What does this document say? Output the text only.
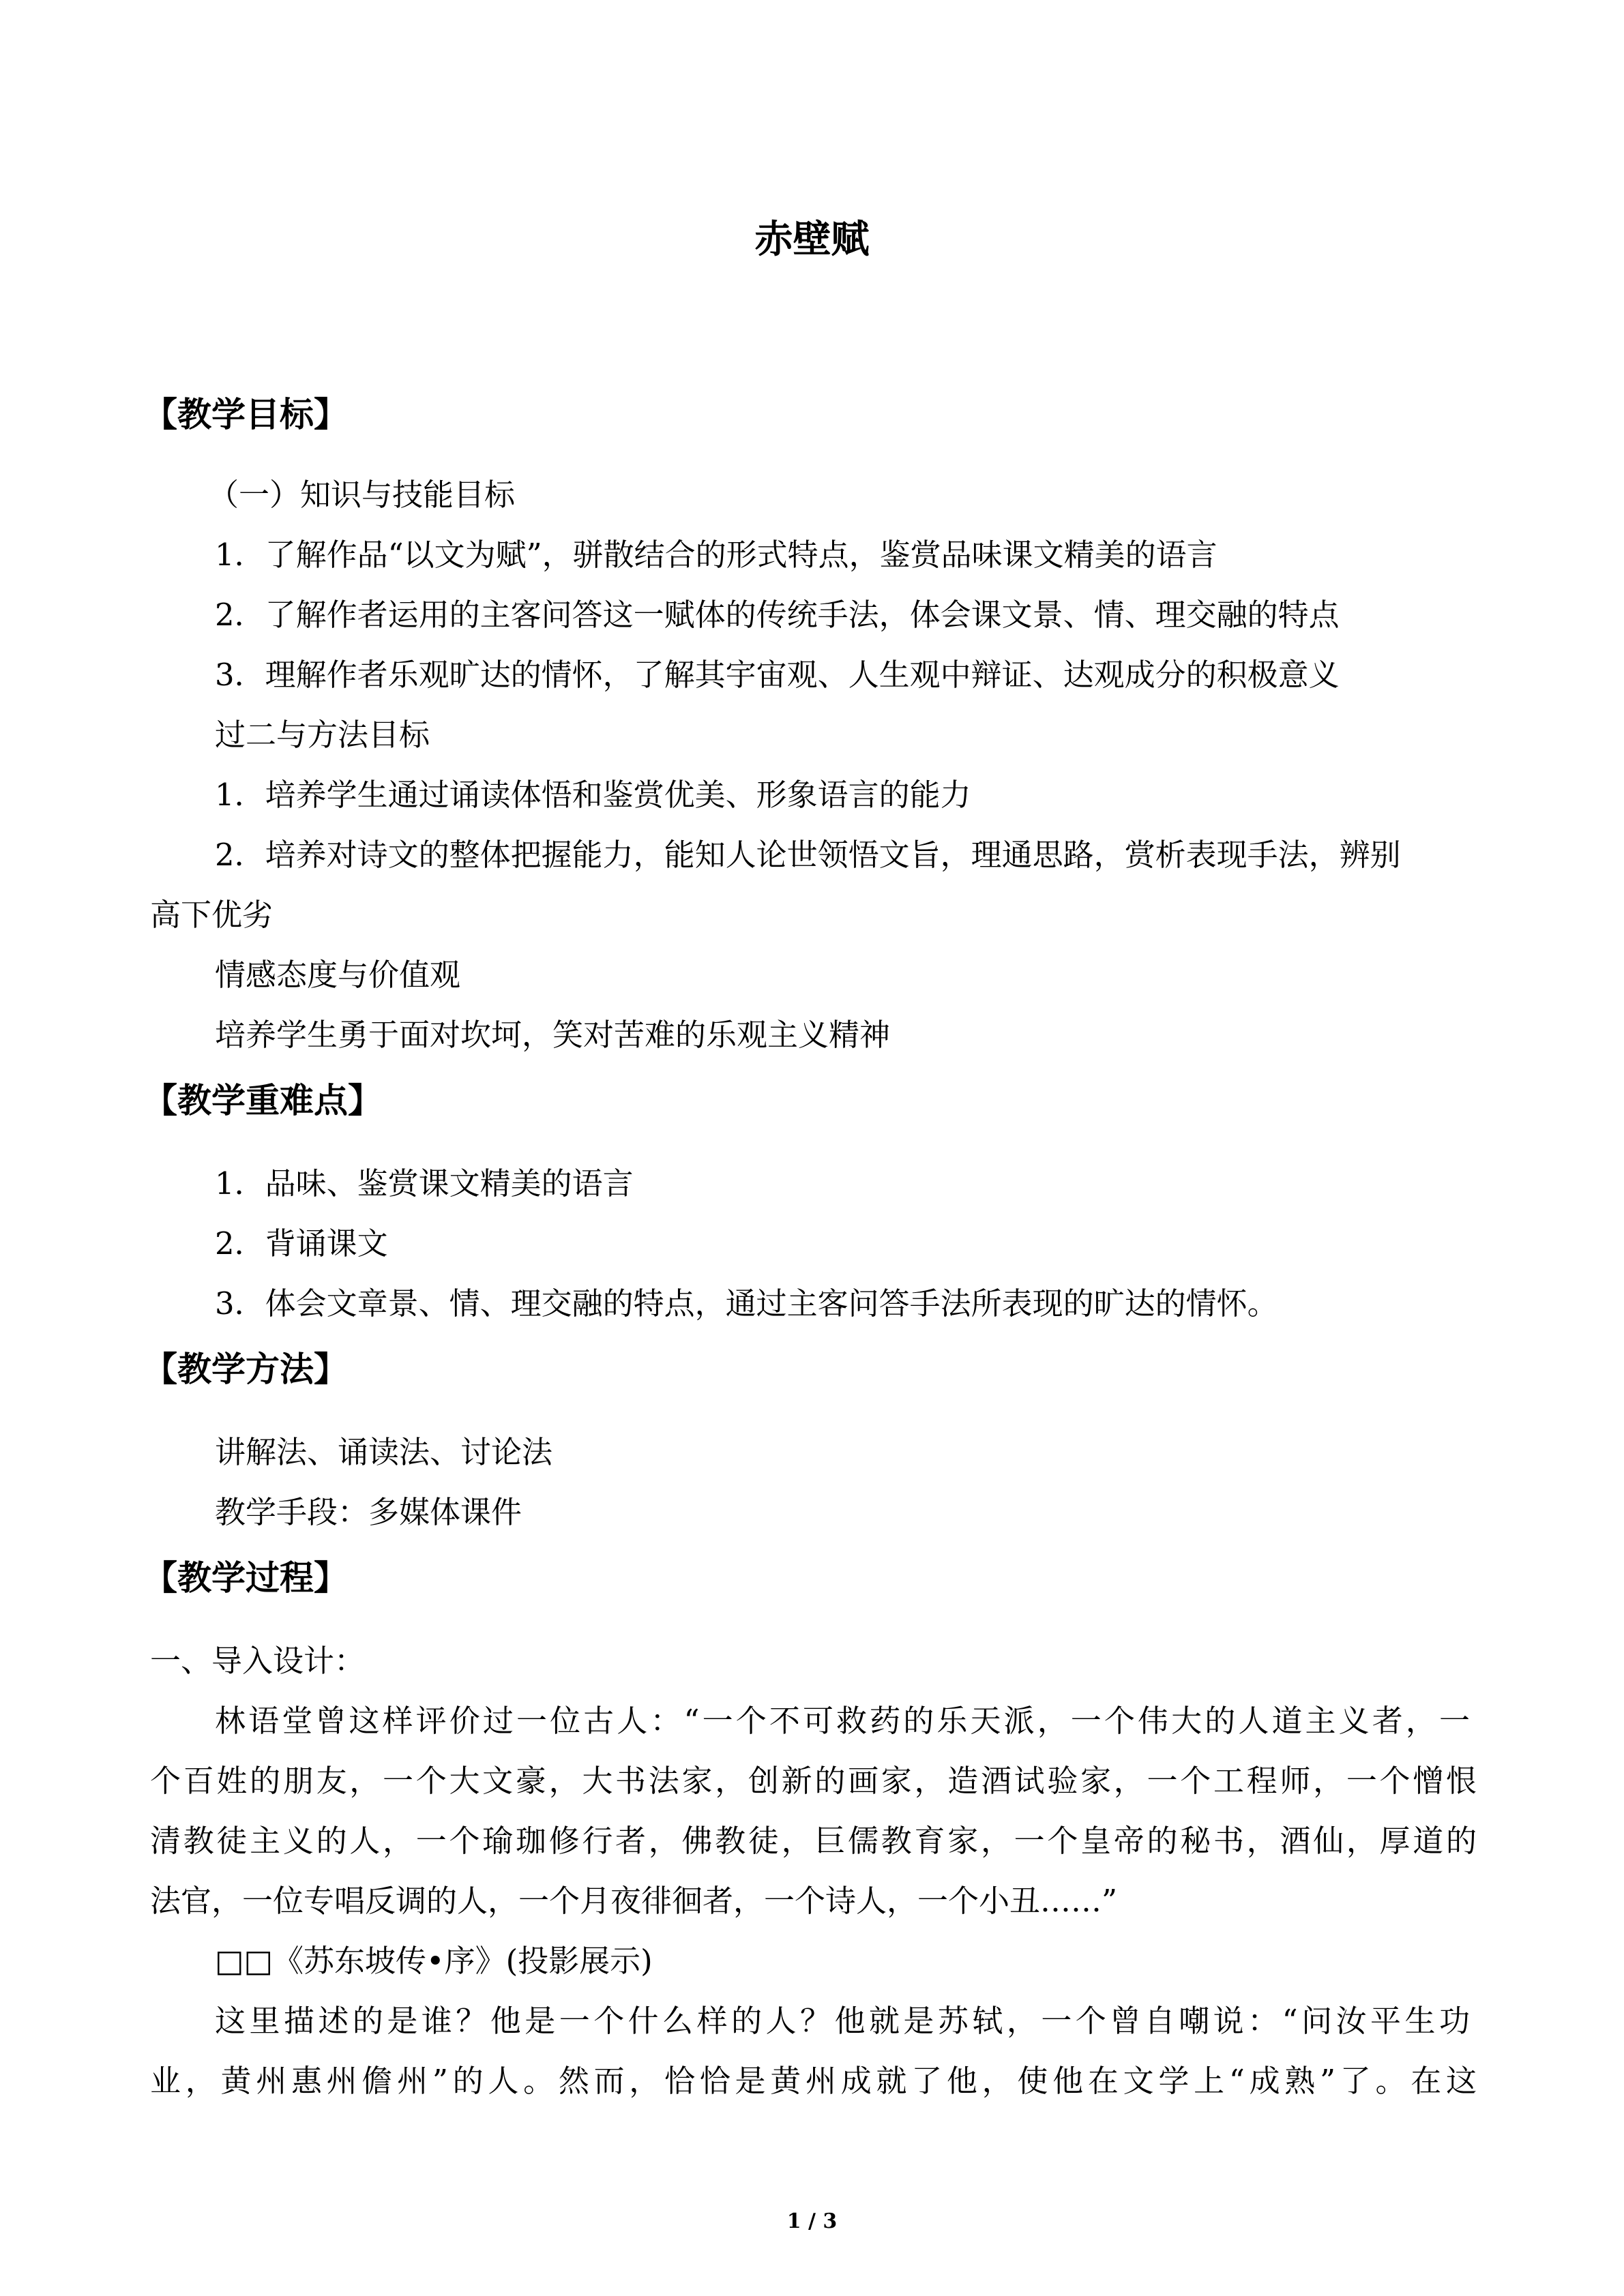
赤壁赋
【教学目标】

（一）知识与技能目标

1．了解作品“以文为赋”，骈散结合的形式特点，鉴赏品味课文精美的语言

2．了解作者运用的主客问答这一赋体的传统手法，体会课文景、情、理交融的特点

3．理解作者乐观旷达的情怀，了解其宇宙观、人生观中辩证、达观成分的积极意义

过二与方法目标

1．培养学生通过诵读体悟和鉴赏优美、形象语言的能力

2．培养对诗文的整体把握能力，能知人论世领悟文旨，理通思路，赏析表现手法，辨别

高下优劣

情感态度与价值观

培养学生勇于面对坎坷，笑对苦难的乐观主义精神

【教学重难点】

1．品味、鉴赏课文精美的语言

2．背诵课文

3．体会文章景、情、理交融的特点，通过主客问答手法所表现的旷达的情怀。

【教学方法】

讲解法、诵读法、讨论法

教学手段：多媒体课件

【教学过程】

一、导入设计：

林语堂曾这样评价过一位古人：“一个不可救药的乐天派，一个伟大的人道主义者，一

个百姓的朋友，一个大文豪，大书法家，创新的画家，造酒试验家，一个工程师，一个憎恨

清教徒主义的人，一个瑜珈修行者，佛教徒，巨儒教育家，一个皇帝的秘书，酒仙，厚道的

法官，一位专唱反调的人，一个月夜徘徊者，一个诗人，一个小丑……”

□□《苏东坡传•序》(投影展示)

这里描述的是谁？他是一个什么样的人？他就是苏轼，一个曾自嘲说：“问汝平生功

业，黄州惠州儋州”的人。然而，恰恰是黄州成就了他，使他在文学上“成熟”了。在这

1 / 3
